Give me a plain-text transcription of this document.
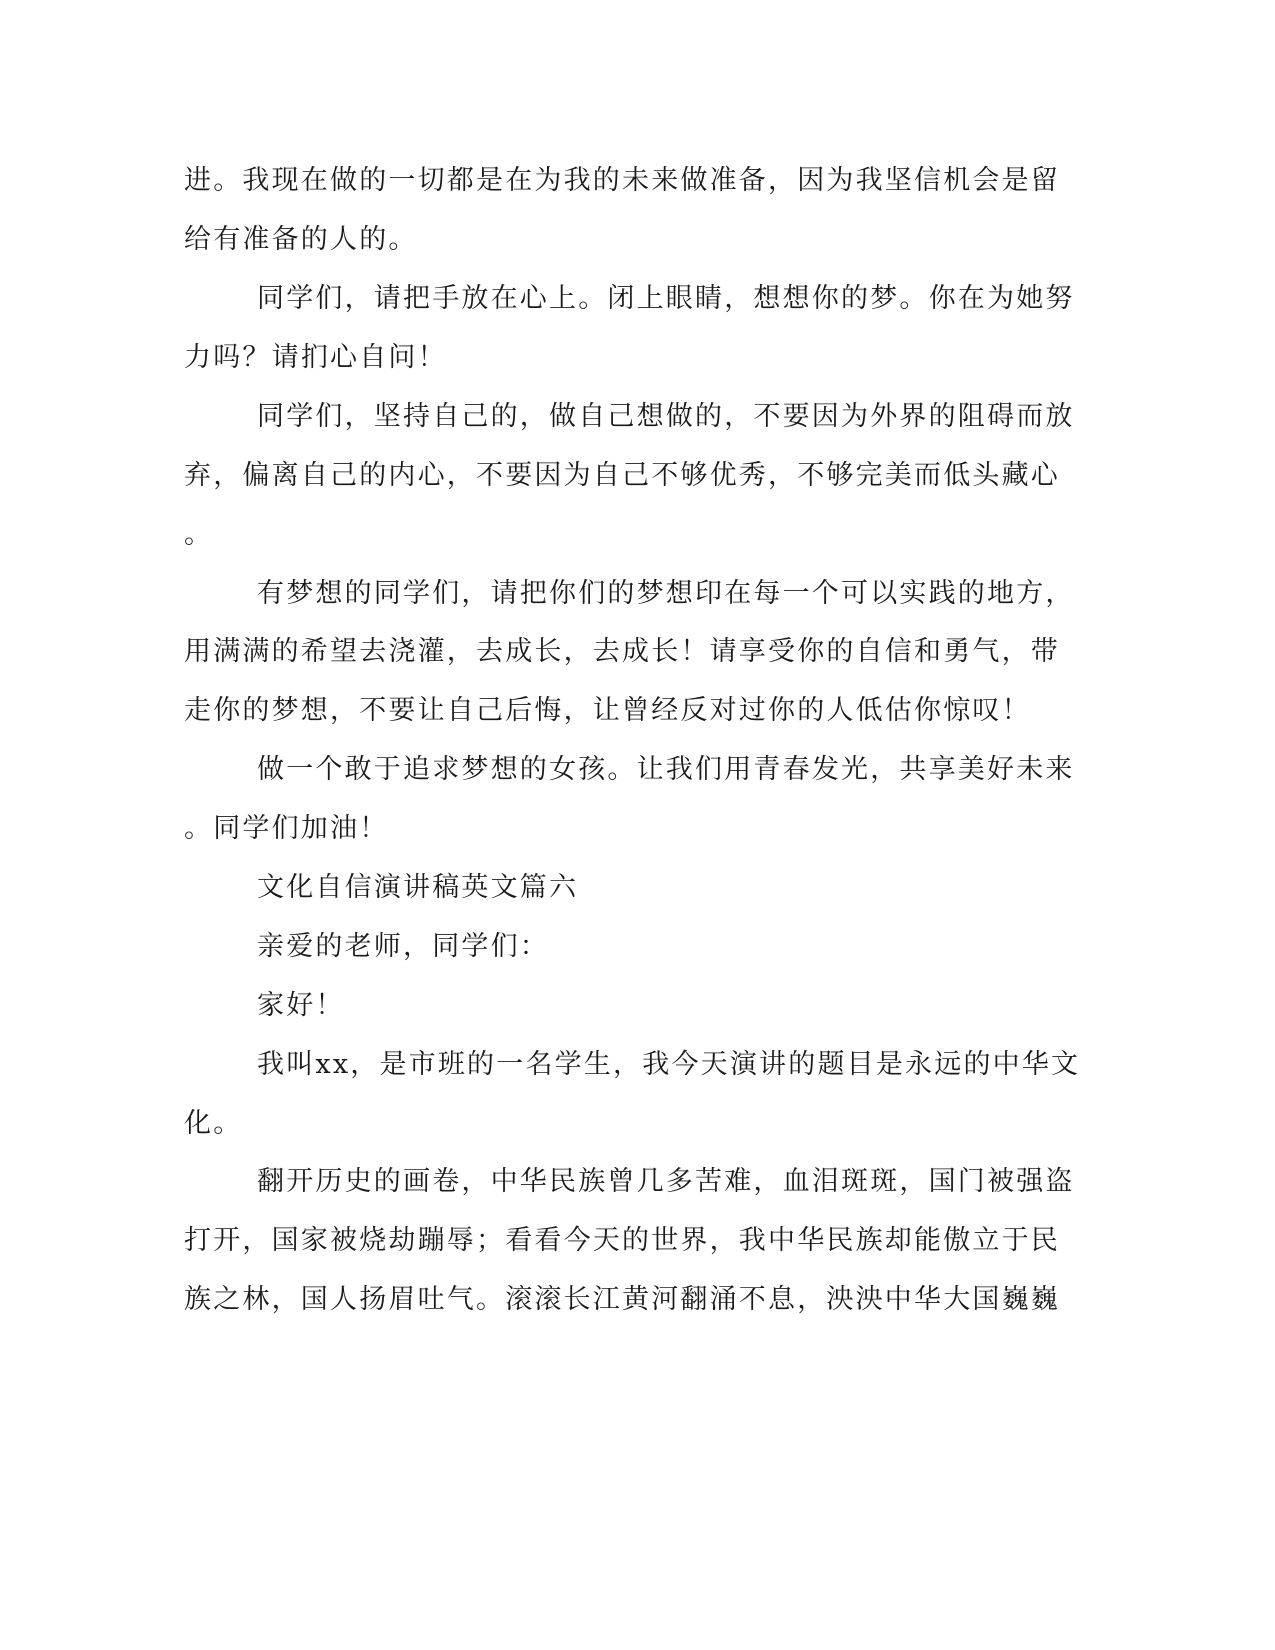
进。我现在做的一切都是在为我的未来做准备，因为我坚信机会是留
给有准备的人的。
同学们，请把手放在心上。闭上眼睛，想想你的梦。你在为她努
力吗？请扪心自问！
同学们，坚持自己的，做自己想做的，不要因为外界的阻碍而放
弃，偏离自己的内心，不要因为自己不够优秀，不够完美而低头藏心
。
有梦想的同学们，请把你们的梦想印在每一个可以实践的地方，
用满满的希望去浇灌，去成长，去成长！请享受你的自信和勇气，带
走你的梦想，不要让自己后悔，让曾经反对过你的人低估你惊叹！
做一个敢于追求梦想的女孩。让我们用青春发光，共享美好未来
。同学们加油！
文化自信演讲稿英文篇六
亲爱的老师，同学们：
家好！
我叫xx，是市班的一名学生，我今天演讲的题目是永远的中华文
化。
翻开历史的画卷，中华民族曾几多苦难，血泪斑斑，国门被强盗
打开，国家被烧劫蹦辱；看看今天的世界，我中华民族却能傲立于民
族之林，国人扬眉吐气。滚滚长江黄河翻涌不息，泱泱中华大国巍巍
